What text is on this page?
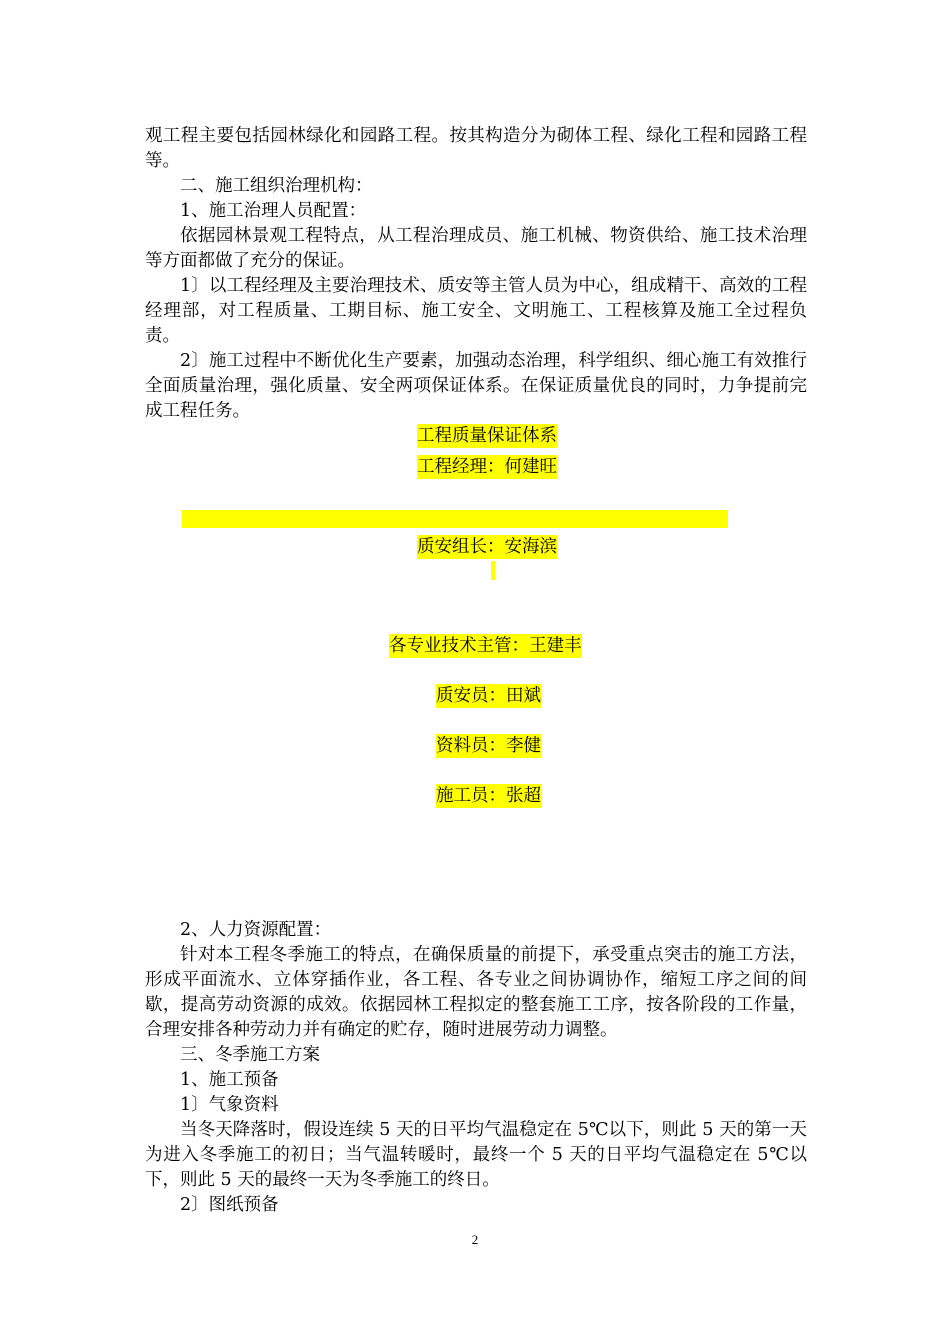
观工程主要包括园林绿化和园路工程。按其构造分为砌体工程、绿化工程和园路工程等。

二、施工组织治理机构：

1、施工治理人员配置：

依据园林景观工程特点，从工程治理成员、施工机械、物资供给、施工技术治理等方面都做了充分的保证。

1〕以工程经理及主要治理技术、质安等主管人员为中心，组成精干、高效的工程经理部，对工程质量、工期目标、施工安全、文明施工、工程核算及施工全过程负责。

2〕施工过程中不断优化生产要素，加强动态治理，科学组织、细心施工有效推行全面质量治理，强化质量、安全两项保证体系。在保证质量优良的同时，力争提前完成工程任务。

工程质量保证体系
工程经理：何建旺
质安组长：安海滨
各专业技术主管：王建丰
质安员：田斌
资料员：李健
施工员：张超

2、人力资源配置：

针对本工程冬季施工的特点，在确保质量的前提下，承受重点突击的施工方法，形成平面流水、立体穿插作业，各工程、各专业之间协调协作，缩短工序之间的间歇，提高劳动资源的成效。依据园林工程拟定的整套施工工序，按各阶段的工作量，合理安排各种劳动力并有确定的贮存，随时进展劳动力调整。

三、冬季施工方案

1、施工预备

1〕气象资料

当冬天降落时，假设连续 5 天的日平均气温稳定在 5℃以下，则此 5 天的第一天为进入冬季施工的初日；当气温转暖时，最终一个 5 天的日平均气温稳定在 5℃以下，则此 5 天的最终一天为冬季施工的终日。

2〕图纸预备

2
